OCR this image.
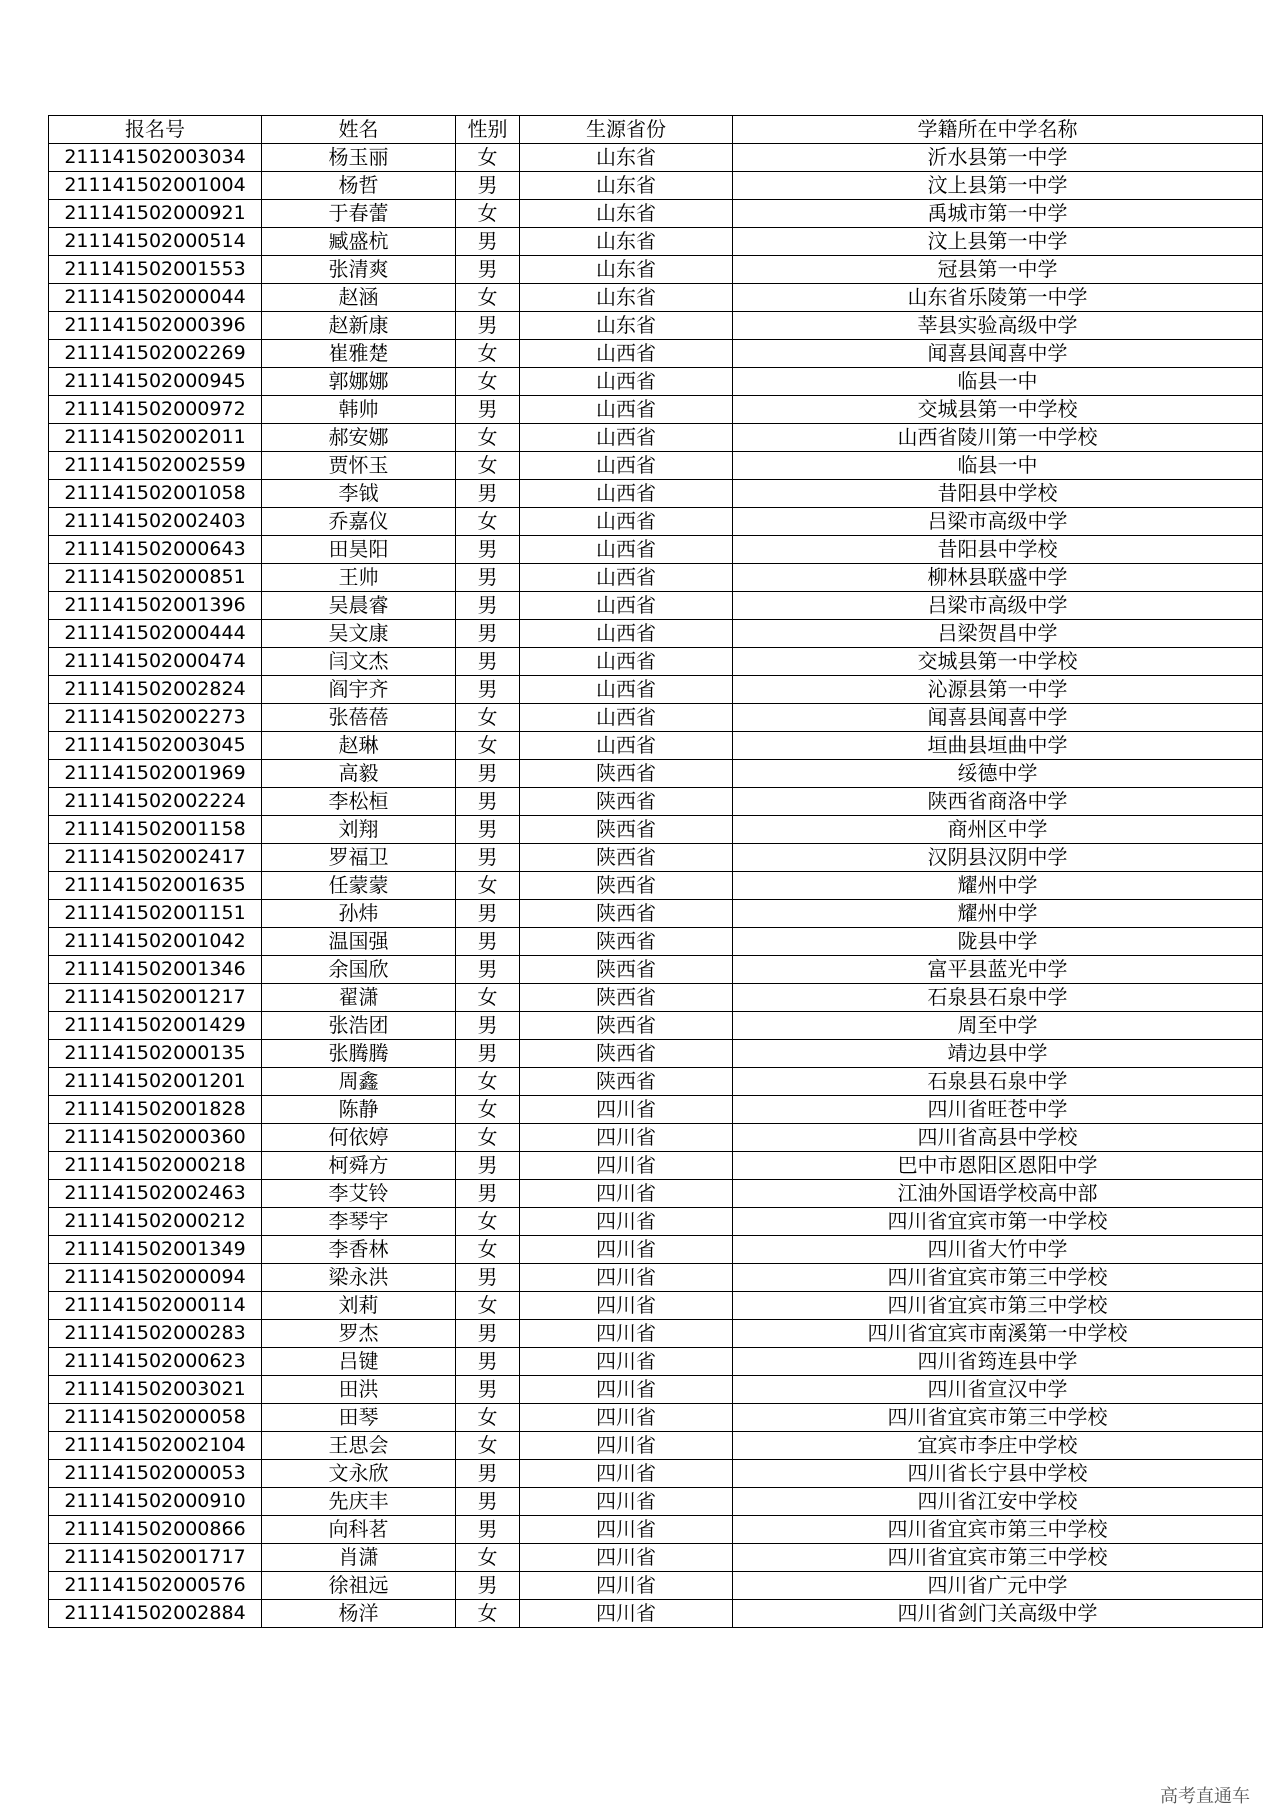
报名号	姓名	性别	生源省份	学籍所在中学名称
211141502003034	杨玉丽	女	山东省	沂水县第一中学
211141502001004	杨哲	男	山东省	汶上县第一中学
211141502000921	于春蕾	女	山东省	禹城市第一中学
211141502000514	臧盛杭	男	山东省	汶上县第一中学
211141502001553	张清爽	男	山东省	冠县第一中学
211141502000044	赵涵	女	山东省	山东省乐陵第一中学
211141502000396	赵新康	男	山东省	莘县实验高级中学
211141502002269	崔雅楚	女	山西省	闻喜县闻喜中学
211141502000945	郭娜娜	女	山西省	临县一中
211141502000972	韩帅	男	山西省	交城县第一中学校
211141502002011	郝安娜	女	山西省	山西省陵川第一中学校
211141502002559	贾怀玉	女	山西省	临县一中
211141502001058	李钺	男	山西省	昔阳县中学校
211141502002403	乔嘉仪	女	山西省	吕梁市高级中学
211141502000643	田昊阳	男	山西省	昔阳县中学校
211141502000851	王帅	男	山西省	柳林县联盛中学
211141502001396	吴晨睿	男	山西省	吕梁市高级中学
211141502000444	吴文康	男	山西省	吕梁贺昌中学
211141502000474	闫文杰	男	山西省	交城县第一中学校
211141502002824	阎宇齐	男	山西省	沁源县第一中学
211141502002273	张蓓蓓	女	山西省	闻喜县闻喜中学
211141502003045	赵琳	女	山西省	垣曲县垣曲中学
211141502001969	高毅	男	陕西省	绥德中学
211141502002224	李松桓	男	陕西省	陕西省商洛中学
211141502001158	刘翔	男	陕西省	商州区中学
211141502002417	罗福卫	男	陕西省	汉阴县汉阴中学
211141502001635	任蒙蒙	女	陕西省	耀州中学
211141502001151	孙炜	男	陕西省	耀州中学
211141502001042	温国强	男	陕西省	陇县中学
211141502001346	余国欣	男	陕西省	富平县蓝光中学
211141502001217	翟潇	女	陕西省	石泉县石泉中学
211141502001429	张浩团	男	陕西省	周至中学
211141502000135	张腾腾	男	陕西省	靖边县中学
211141502001201	周鑫	女	陕西省	石泉县石泉中学
211141502001828	陈静	女	四川省	四川省旺苍中学
211141502000360	何依婷	女	四川省	四川省高县中学校
211141502000218	柯舜方	男	四川省	巴中市恩阳区恩阳中学
211141502002463	李艾铃	男	四川省	江油外国语学校高中部
211141502000212	李琴宇	女	四川省	四川省宜宾市第一中学校
211141502001349	李香林	女	四川省	四川省大竹中学
211141502000094	梁永洪	男	四川省	四川省宜宾市第三中学校
211141502000114	刘莉	女	四川省	四川省宜宾市第三中学校
211141502000283	罗杰	男	四川省	四川省宜宾市南溪第一中学校
211141502000623	吕键	男	四川省	四川省筠连县中学
211141502003021	田洪	男	四川省	四川省宣汉中学
211141502000058	田琴	女	四川省	四川省宜宾市第三中学校
211141502002104	王思会	女	四川省	宜宾市李庄中学校
211141502000053	文永欣	男	四川省	四川省长宁县中学校
211141502000910	先庆丰	男	四川省	四川省江安中学校
211141502000866	向科茗	男	四川省	四川省宜宾市第三中学校
211141502001717	肖潇	女	四川省	四川省宜宾市第三中学校
211141502000576	徐祖远	男	四川省	四川省广元中学
211141502002884	杨洋	女	四川省	四川省剑门关高级中学
高考直通车
